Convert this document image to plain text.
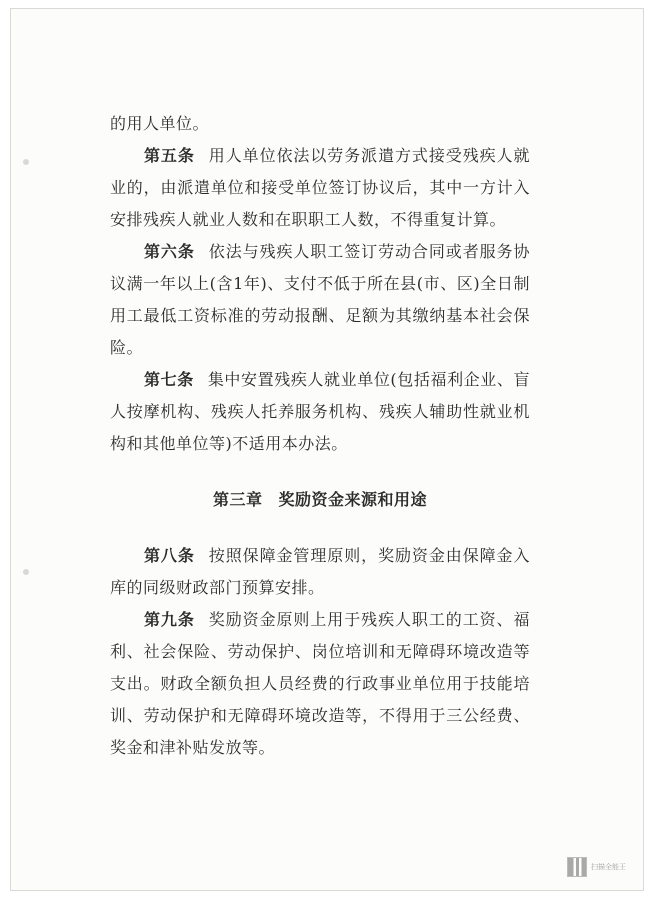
的用人单位。

第五条 用人单位依法以劳务派遣方式接受残疾人就业的，由派遣单位和接受单位签订协议后，其中一方计入安排残疾人就业人数和在职职工人数，不得重复计算。

第六条 依法与残疾人职工签订劳动合同或者服务协议满一年以上(含1年)、支付不低于所在县(市、区)全日制用工最低工资标准的劳动报酬、足额为其缴纳基本社会保险。

第七条 集中安置残疾人就业单位(包括福利企业、盲人按摩机构、残疾人托养服务机构、残疾人辅助性就业机构和其他单位等)不适用本办法。

第三章 奖励资金来源和用途

第八条 按照保障金管理原则，奖励资金由保障金入库的同级财政部门预算安排。

第九条 奖励资金原则上用于残疾人职工的工资、福利、社会保险、劳动保护、岗位培训和无障碍环境改造等支出。财政全额负担人员经费的行政事业单位用于技能培训、劳动保护和无障碍环境改造等，不得用于三公经费、奖金和津补贴发放等。

扫描全能王
